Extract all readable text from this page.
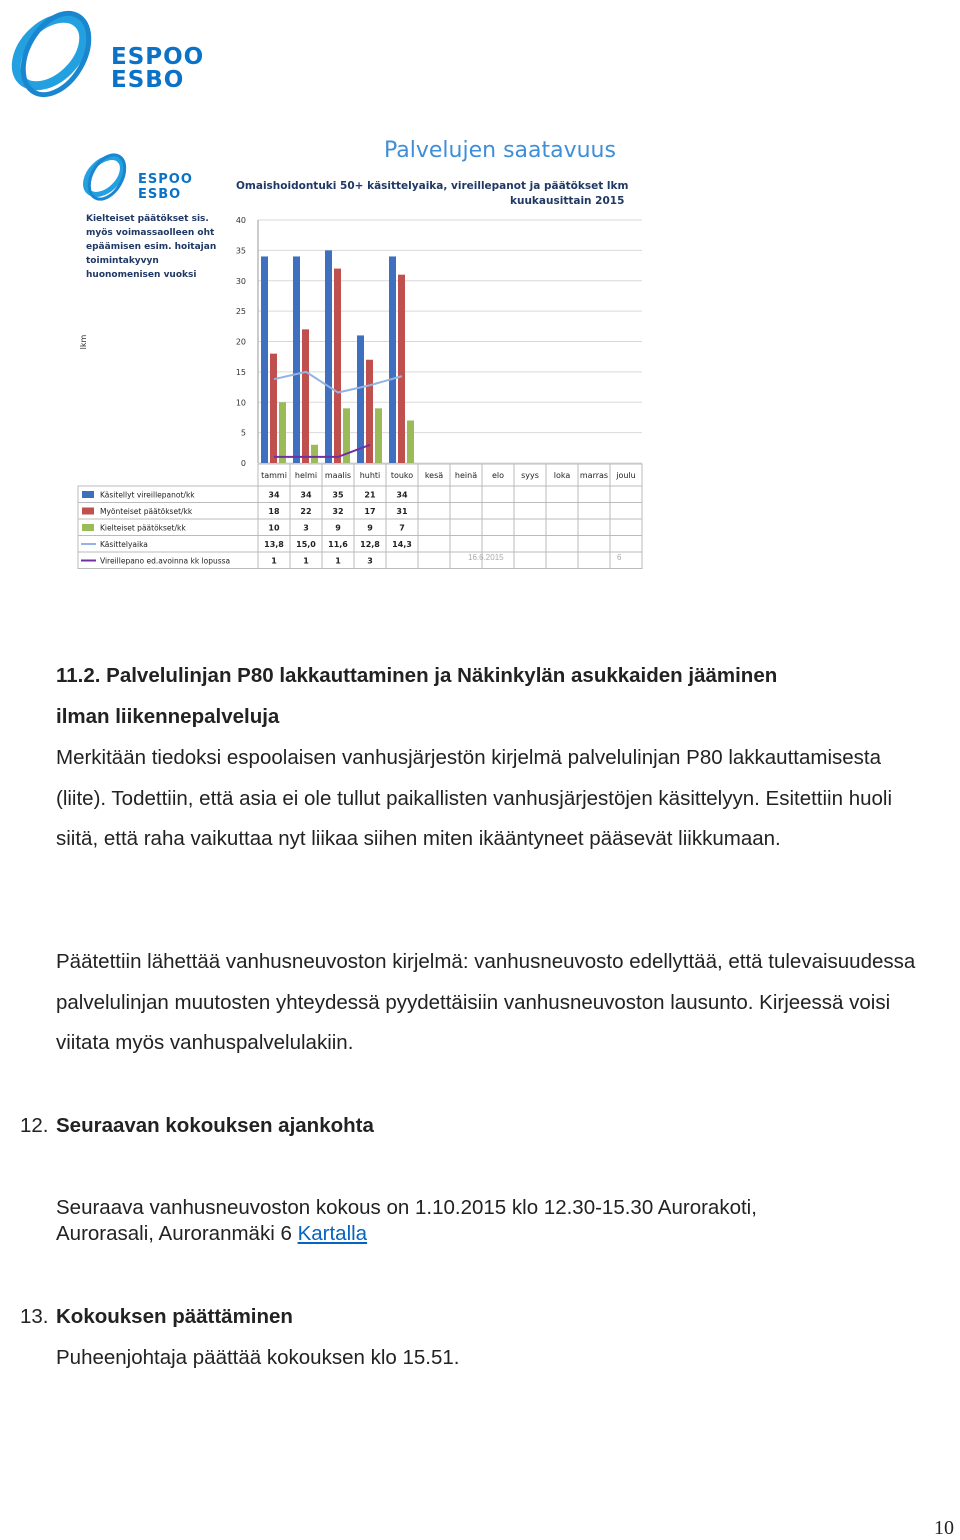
ESPOO
ESBO
ESPOO
ESBO
Palvelujen saatavuus
Omaishoidontuki 50+ käsittelyaika, vireillepanot ja päätökset lkm
kuukausittain 2015
Kielteiset päätökset sis.
myös voimassaolleen oht
epäämisen esim. hoitajan
toimintakyvyn
huonomenisen vuoksi
0
5
10
15
20
25
30
35
40
lkm
tammi helmi maalis huhti touko kesä heinä elo syys loka marras joulu
Käsitellyt vireillepanot/kk	34	34	35	21	34
Myönteiset päätökset/kk	18	22	32	17	31
Kielteiset päätökset/kk	10	3	9	9	7
Käsittelyaika	13,8 15,0 11,6 12,8 14,3
Vireillepano ed.avoinna kk lopussa	1	1	1	3	16.6.2015	6
11.2. Palvelulinjan P80 lakkauttaminen ja Näkinkylän asukkaiden jääminen
ilman liikennepalveluja
Merkitään tiedoksi espoolaisen vanhusjärjestön kirjelmä palvelulinjan P80 lakkauttamisesta (liite). Todettiin, että asia ei ole tullut paikallisten vanhusjärjestöjen käsittelyyn. Esitettiin huoli siitä, että raha vaikuttaa nyt liikaa siihen miten ikääntyneet pääsevät liikkumaan.
Päätettiin lähettää vanhusneuvoston kirjelmä: vanhusneuvosto edellyttää, että tulevaisuudessa palvelulinjan muutosten yhteydessä pyydettäisiin vanhusneuvoston lausunto. Kirjeessä voisi viitata myös vanhuspalvelulakiin.
12. Seuraavan kokouksen ajankohta
Seuraava vanhusneuvoston kokous on 1.10.2015 klo 12.30-15.30 Aurorakoti,
Aurorasali, Auroranmäki 6 Kartalla
13. Kokouksen päättäminen
Puheenjohtaja päättää kokouksen klo 15.51.
10
